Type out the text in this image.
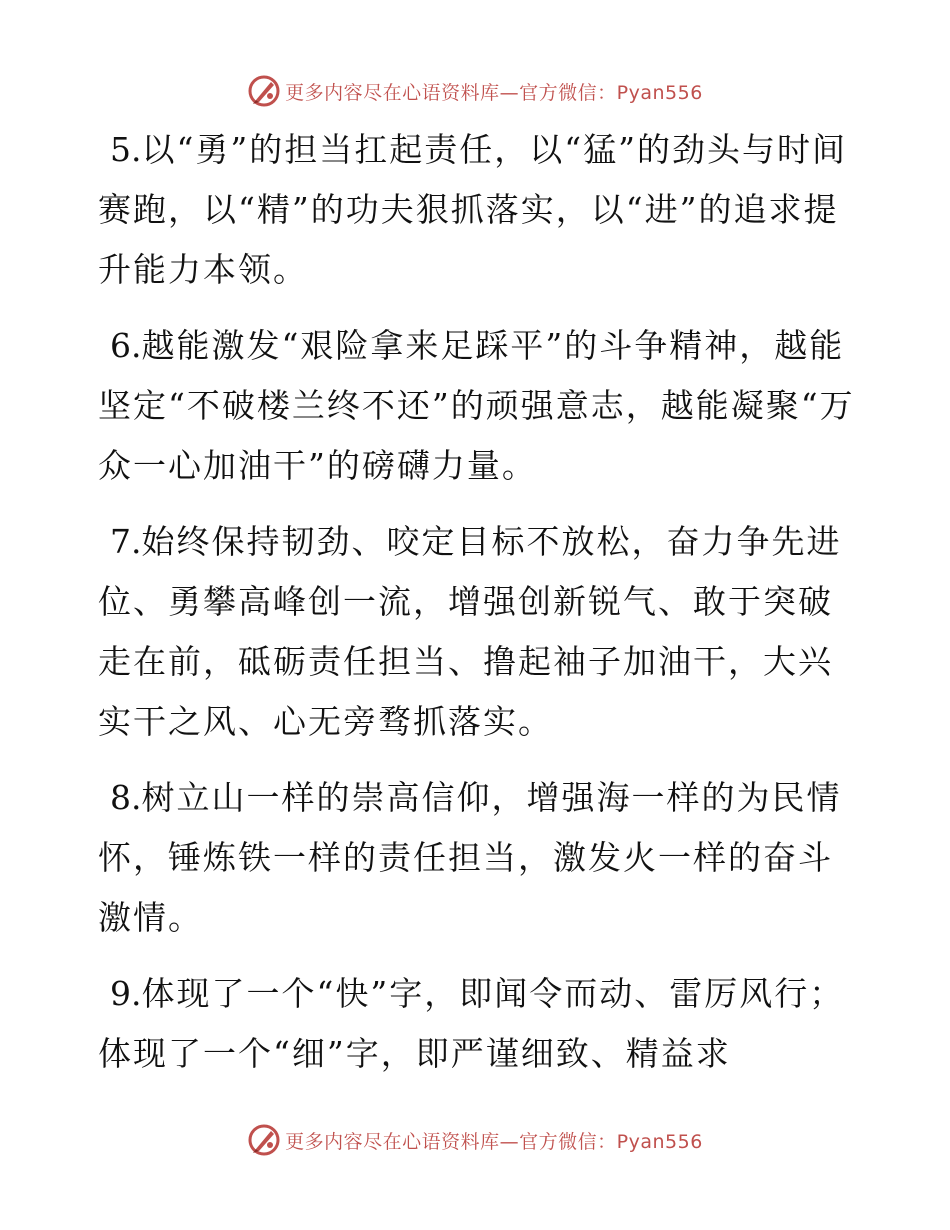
更多内容尽在心语资料库—官方微信：Pyan556

5.以“勇”的担当扛起责任，以“猛”的劲头与时间赛跑，以“精”的功夫狠抓落实，以“进”的追求提升能力本领。

6.越能激发“艰险拿来足踩平”的斗争精神，越能坚定“不破楼兰终不还”的顽强意志，越能凝聚“万众一心加油干”的磅礴力量。

7.始终保持韧劲、咬定目标不放松，奋力争先进位、勇攀高峰创一流，增强创新锐气、敢于突破走在前，砥砺责任担当、撸起袖子加油干，大兴实干之风、心无旁骛抓落实。

8.树立山一样的崇高信仰，增强海一样的为民情怀，锤炼铁一样的责任担当，激发火一样的奋斗激情。

9.体现了一个“快”字，即闻令而动、雷厉风行；体现了一个“细”字，即严谨细致、精益求

更多内容尽在心语资料库—官方微信：Pyan556
